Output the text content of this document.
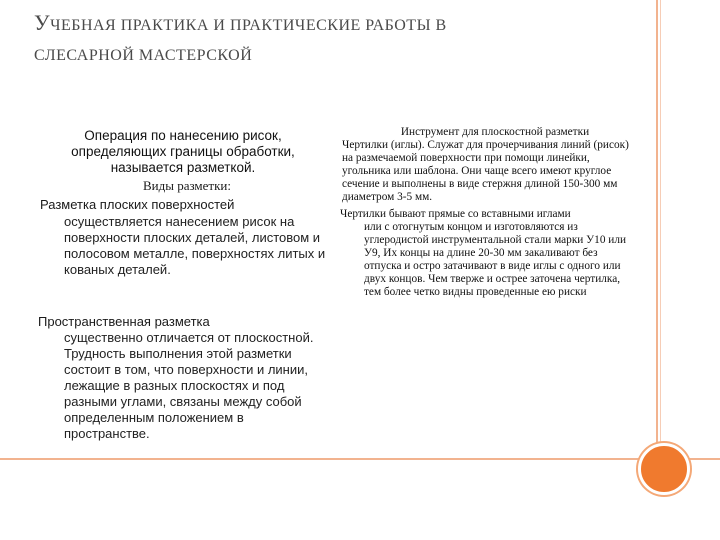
УЧЕБНАЯ ПРАКТИКА И ПРАКТИЧЕСКИЕ РАБОТЫ В
СЛЕСАРНОЙ МАСТЕРСКОЙ
Операция по нанесению рисок, определяющих границы обработки, называется разметкой.
Виды разметки:
Разметка плоских поверхностей
осуществляется нанесением рисок на поверхности плоских деталей, листовом и полосовом металле, поверхностях литых и кованых деталей.
Пространственная разметка
существенно отличается от плоскостной. Трудность выполнения этой разметки состоит в том, что поверхности и линии, лежащие в разных плоскостях и под разными углами, связаны между собой определенным положением в пространстве.
Инструмент для плоскостной разметки
Чертилки (иглы). Служат для прочерчивания линий (рисок) на размечаемой поверхности при помощи линейки, угольника или шаблона. Они чаще всего имеют круглое сечение и выполнены в виде стержня длиной 150-300 мм диаметром 3-5 мм.
Чертилки бывают прямые со вставными иглами
или с отогнутым концом и изготовляются из углеродистой инструментальной стали марки У10 или У9, Их концы на длине 20-30 мм закаливают без отпуска и остро затачивают в виде иглы с одного или двух концов. Чем тверже и острее заточена чертилка, тем более четко видны проведенные ею риски
